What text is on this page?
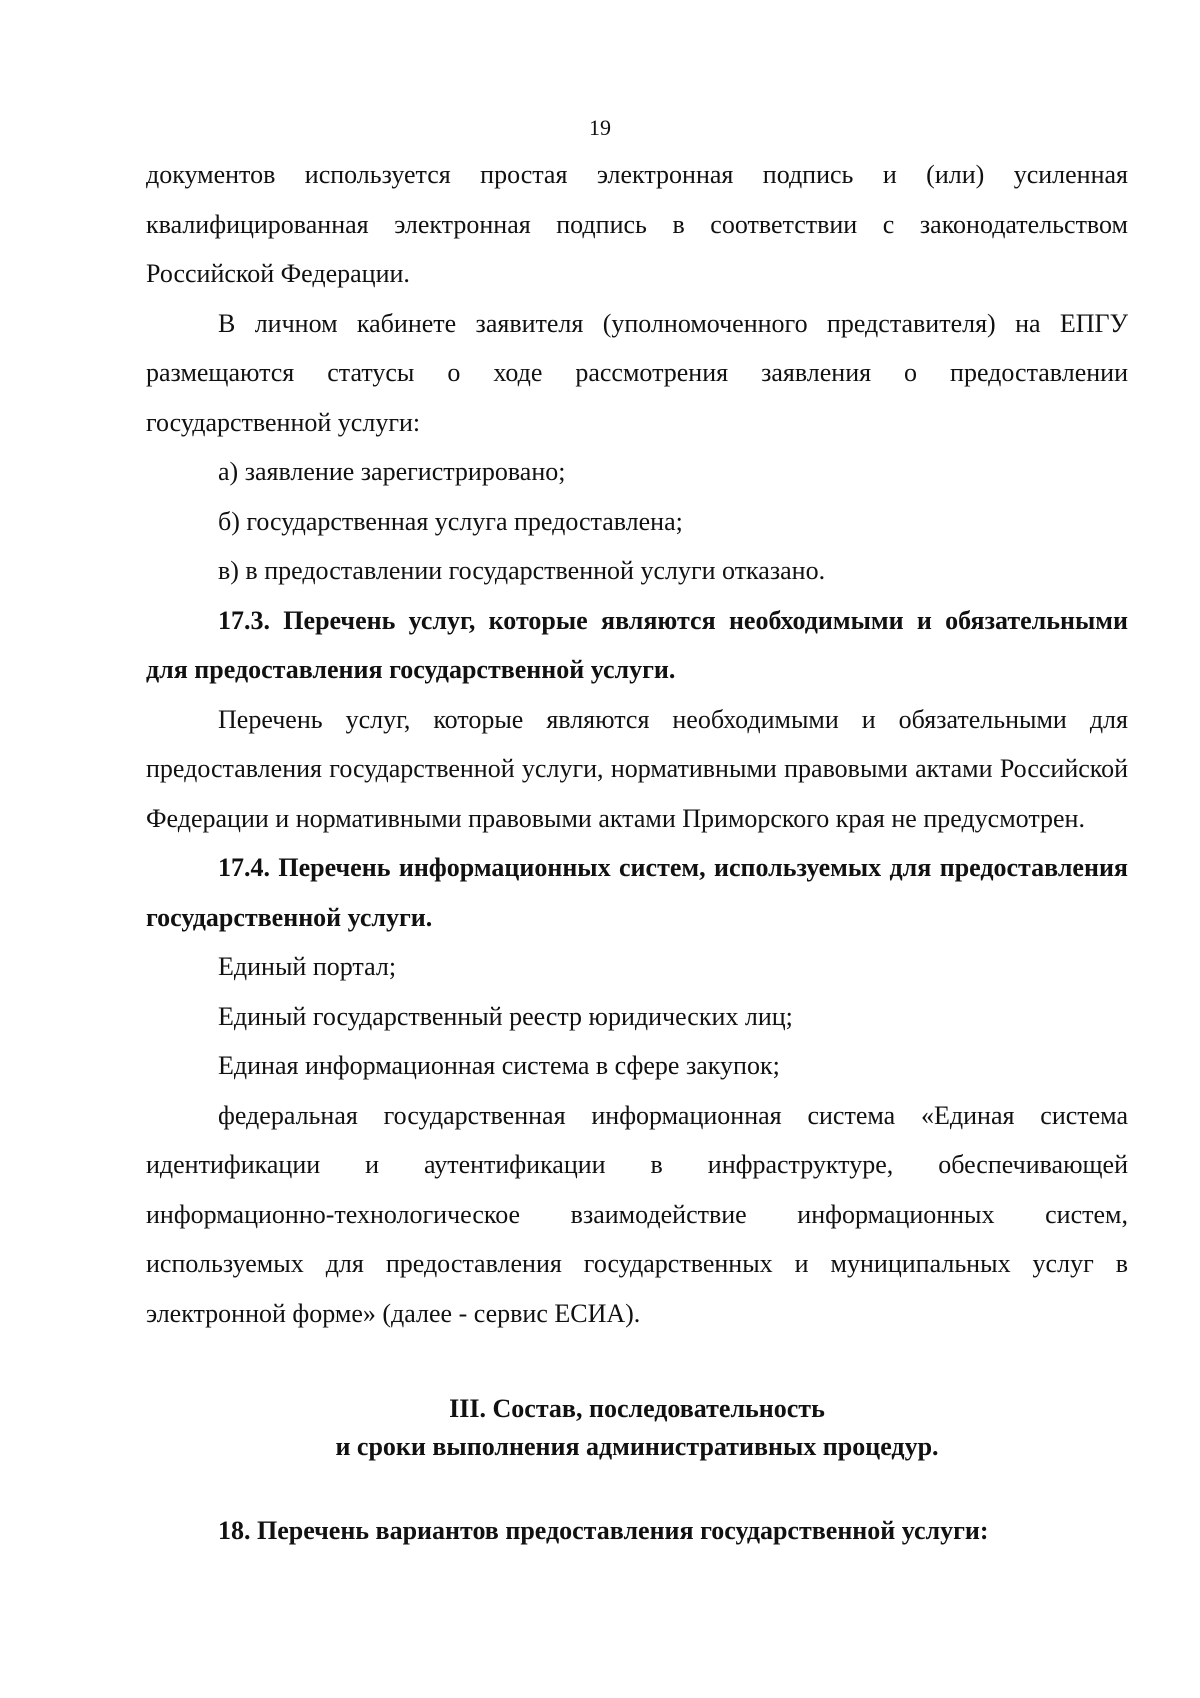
19

документов используется простая электронная подпись и (или) усиленная квалифицированная электронная подпись в соответствии с законодательством Российской Федерации.

В личном кабинете заявителя (уполномоченного представителя) на ЕПГУ размещаются статусы о ходе рассмотрения заявления о предоставлении государственной услуги:

а) заявление зарегистрировано;

б) государственная услуга предоставлена;

в) в предоставлении государственной услуги отказано.

17.3. Перечень услуг, которые являются необходимыми и обязательными для предоставления государственной услуги.

Перечень услуг, которые являются необходимыми и обязательными для предоставления государственной услуги, нормативными правовыми актами Российской Федерации и нормативными правовыми актами Приморского края не предусмотрен.

17.4. Перечень информационных систем, используемых для предоставления государственной услуги.

Единый портал;

Единый государственный реестр юридических лиц;

Единая информационная система в сфере закупок;

федеральная государственная информационная система «Единая система идентификации и аутентификации в инфраструктуре, обеспечивающей информационно-технологическое взаимодействие информационных систем, используемых для предоставления государственных и муниципальных услуг в электронной форме» (далее - сервис ЕСИА).

III. Состав, последовательность

и сроки выполнения административных процедур.

18. Перечень вариантов предоставления государственной услуги:
